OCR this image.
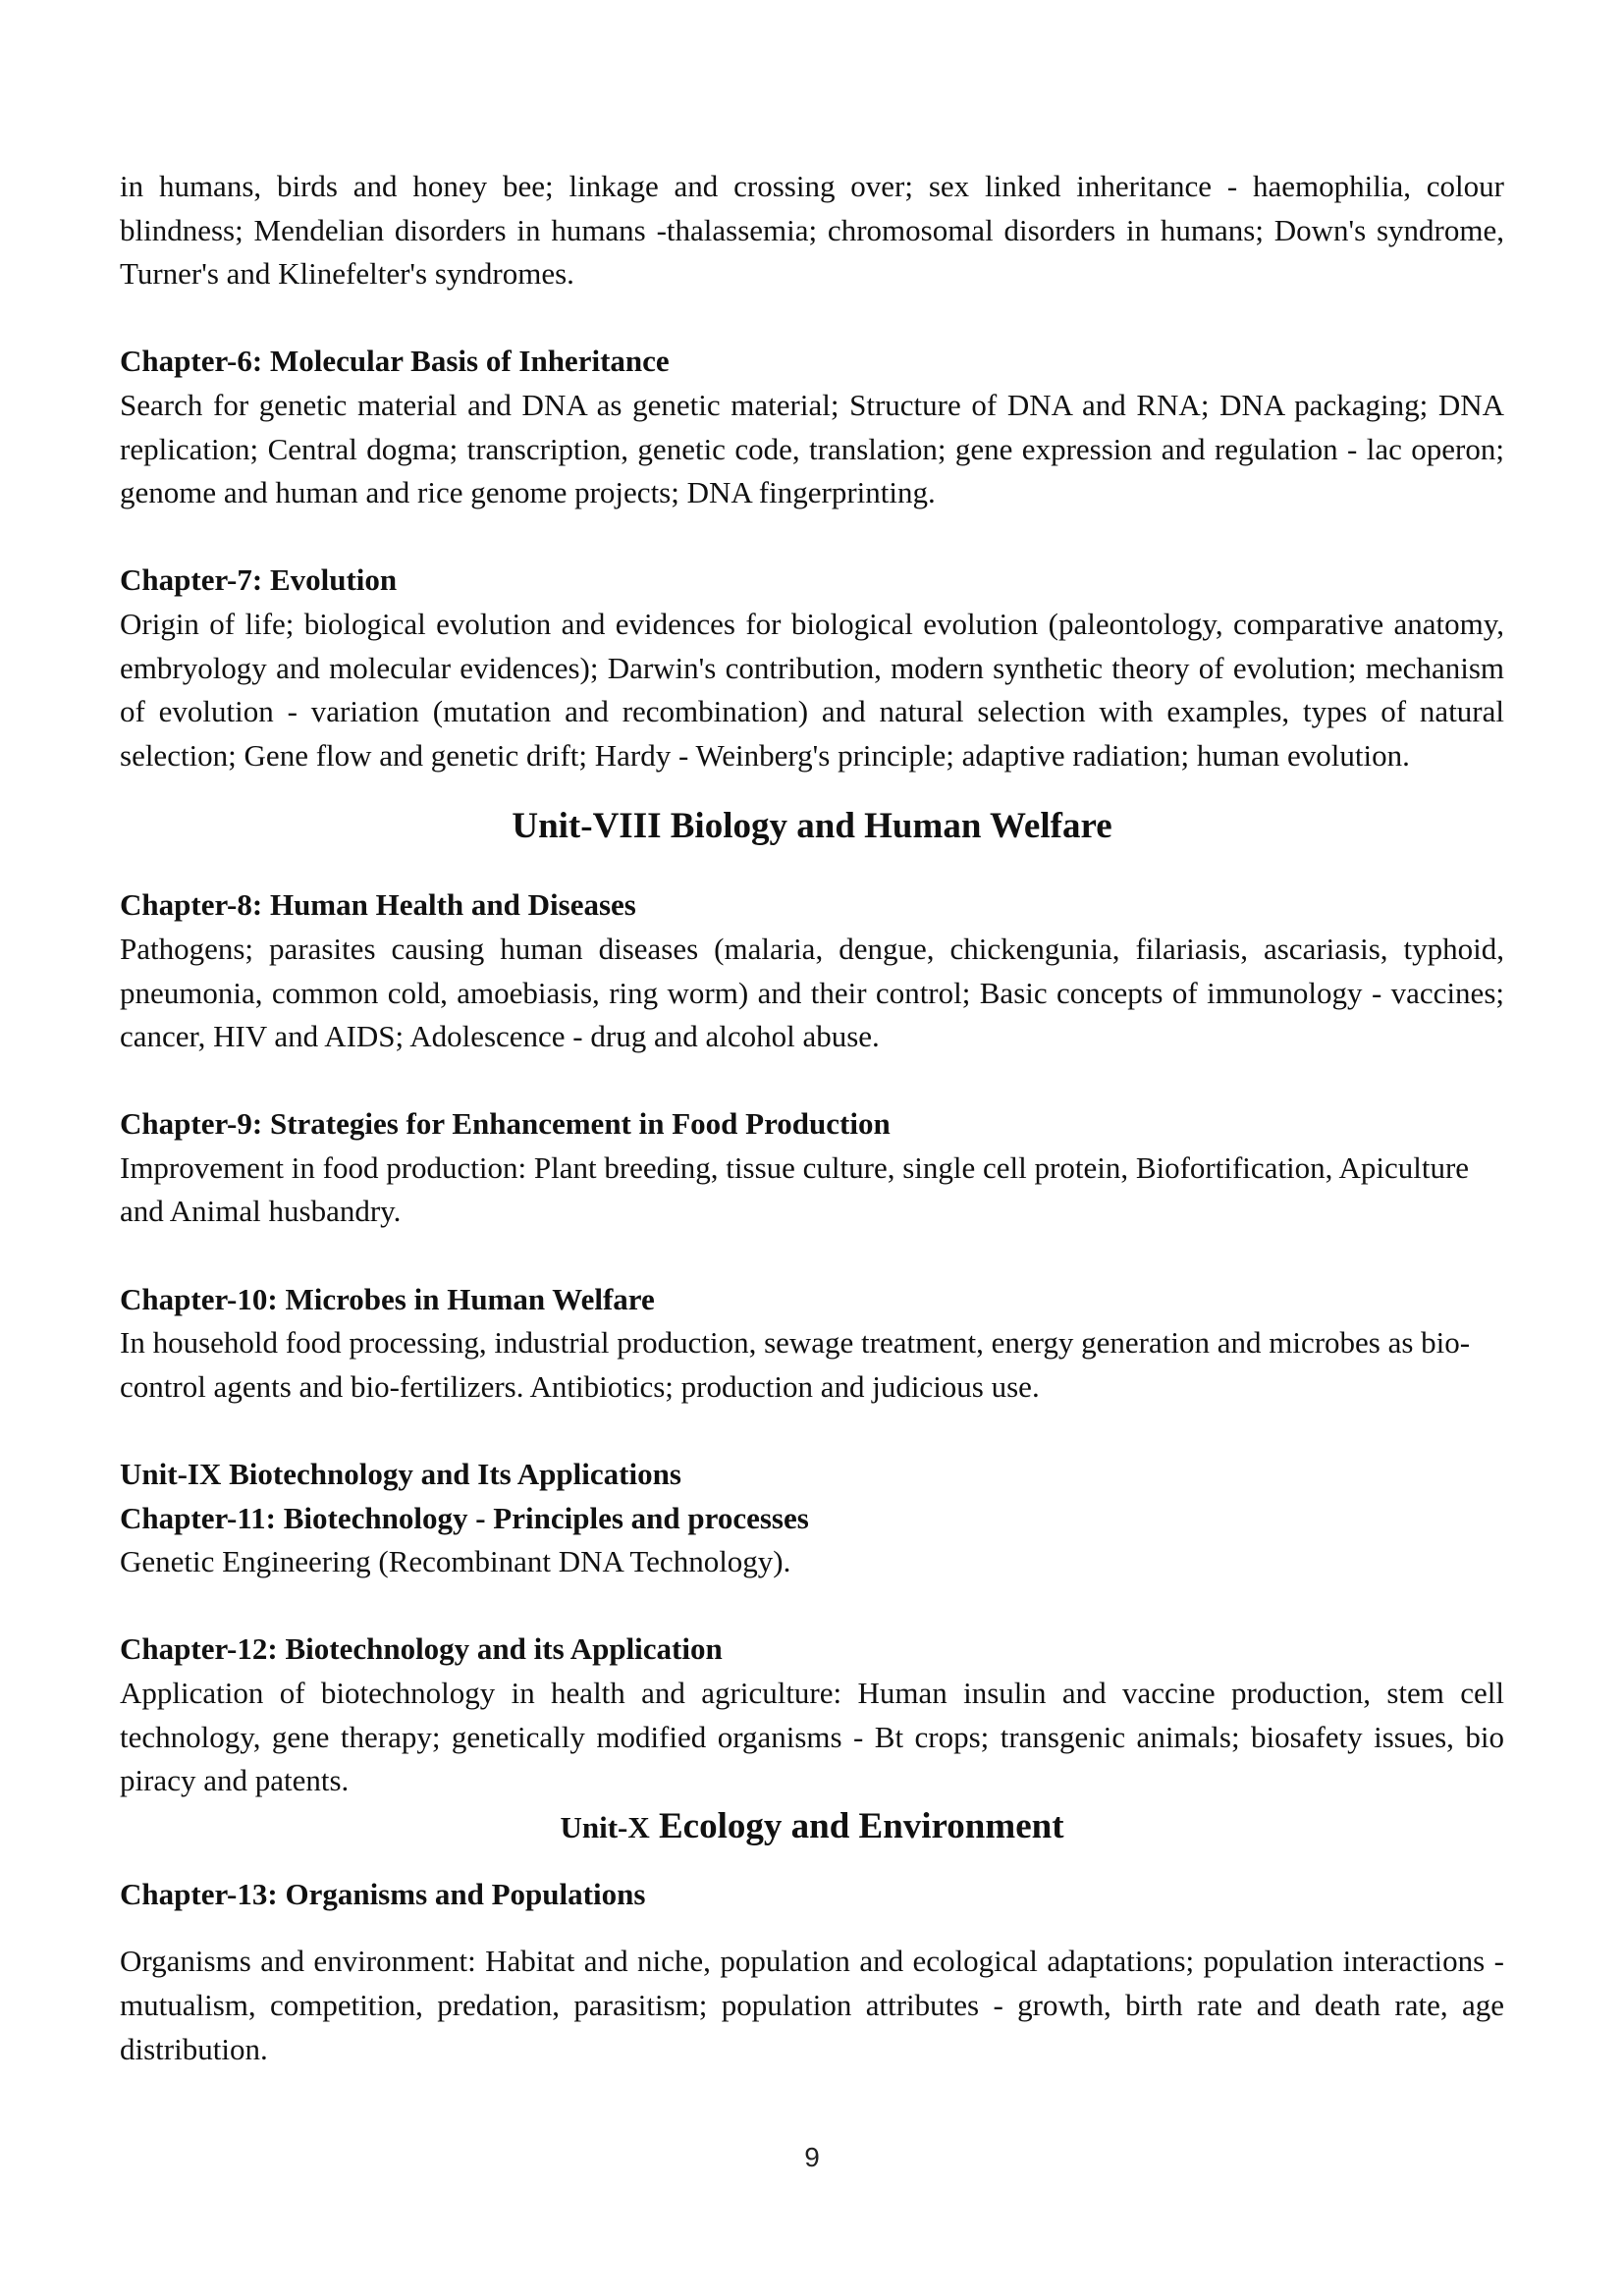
in humans, birds and honey bee; linkage and crossing over; sex linked inheritance - haemophilia, colour blindness; Mendelian disorders in humans -thalassemia; chromosomal disorders in humans; Down's syndrome, Turner's and Klinefelter's syndromes.

Chapter-6: Molecular Basis of Inheritance

Search for genetic material and DNA as genetic material; Structure of DNA and RNA; DNA packaging; DNA replication; Central dogma; transcription, genetic code, translation; gene expression and regulation - lac operon; genome and human and rice genome projects; DNA fingerprinting.

Chapter-7: Evolution

Origin of life; biological evolution and evidences for biological evolution (paleontology, comparative anatomy, embryology and molecular evidences); Darwin's contribution, modern synthetic theory of evolution; mechanism of evolution - variation (mutation and recombination) and natural selection with examples, types of natural selection; Gene flow and genetic drift; Hardy - Weinberg's principle; adaptive radiation; human evolution.

Unit-VIII Biology and Human Welfare
Chapter-8: Human Health and Diseases

Pathogens; parasites causing human diseases (malaria, dengue, chickengunia, filariasis, ascariasis, typhoid, pneumonia, common cold, amoebiasis, ring worm) and their control; Basic concepts of immunology - vaccines; cancer, HIV and AIDS; Adolescence - drug and alcohol abuse.

Chapter-9: Strategies for Enhancement in Food Production

Improvement in food production: Plant breeding, tissue culture, single cell protein, Biofortification, Apiculture and Animal husbandry.

Chapter-10: Microbes in Human Welfare

In household food processing, industrial production, sewage treatment, energy generation and microbes as bio-control agents and bio-fertilizers. Antibiotics; production and judicious use.

Unit-IX Biotechnology and Its Applications
Chapter-11: Biotechnology - Principles and processes

Genetic Engineering (Recombinant DNA Technology).

Chapter-12: Biotechnology and its Application

Application of biotechnology in health and agriculture: Human insulin and vaccine production, stem cell technology, gene therapy; genetically modified organisms - Bt crops; transgenic animals; biosafety issues, bio piracy and patents.

Unit-X Ecology and Environment
Chapter-13: Organisms and Populations

Organisms and environment: Habitat and niche, population and ecological adaptations; population interactions - mutualism, competition, predation, parasitism; population attributes - growth, birth rate and death rate, age distribution.

9
